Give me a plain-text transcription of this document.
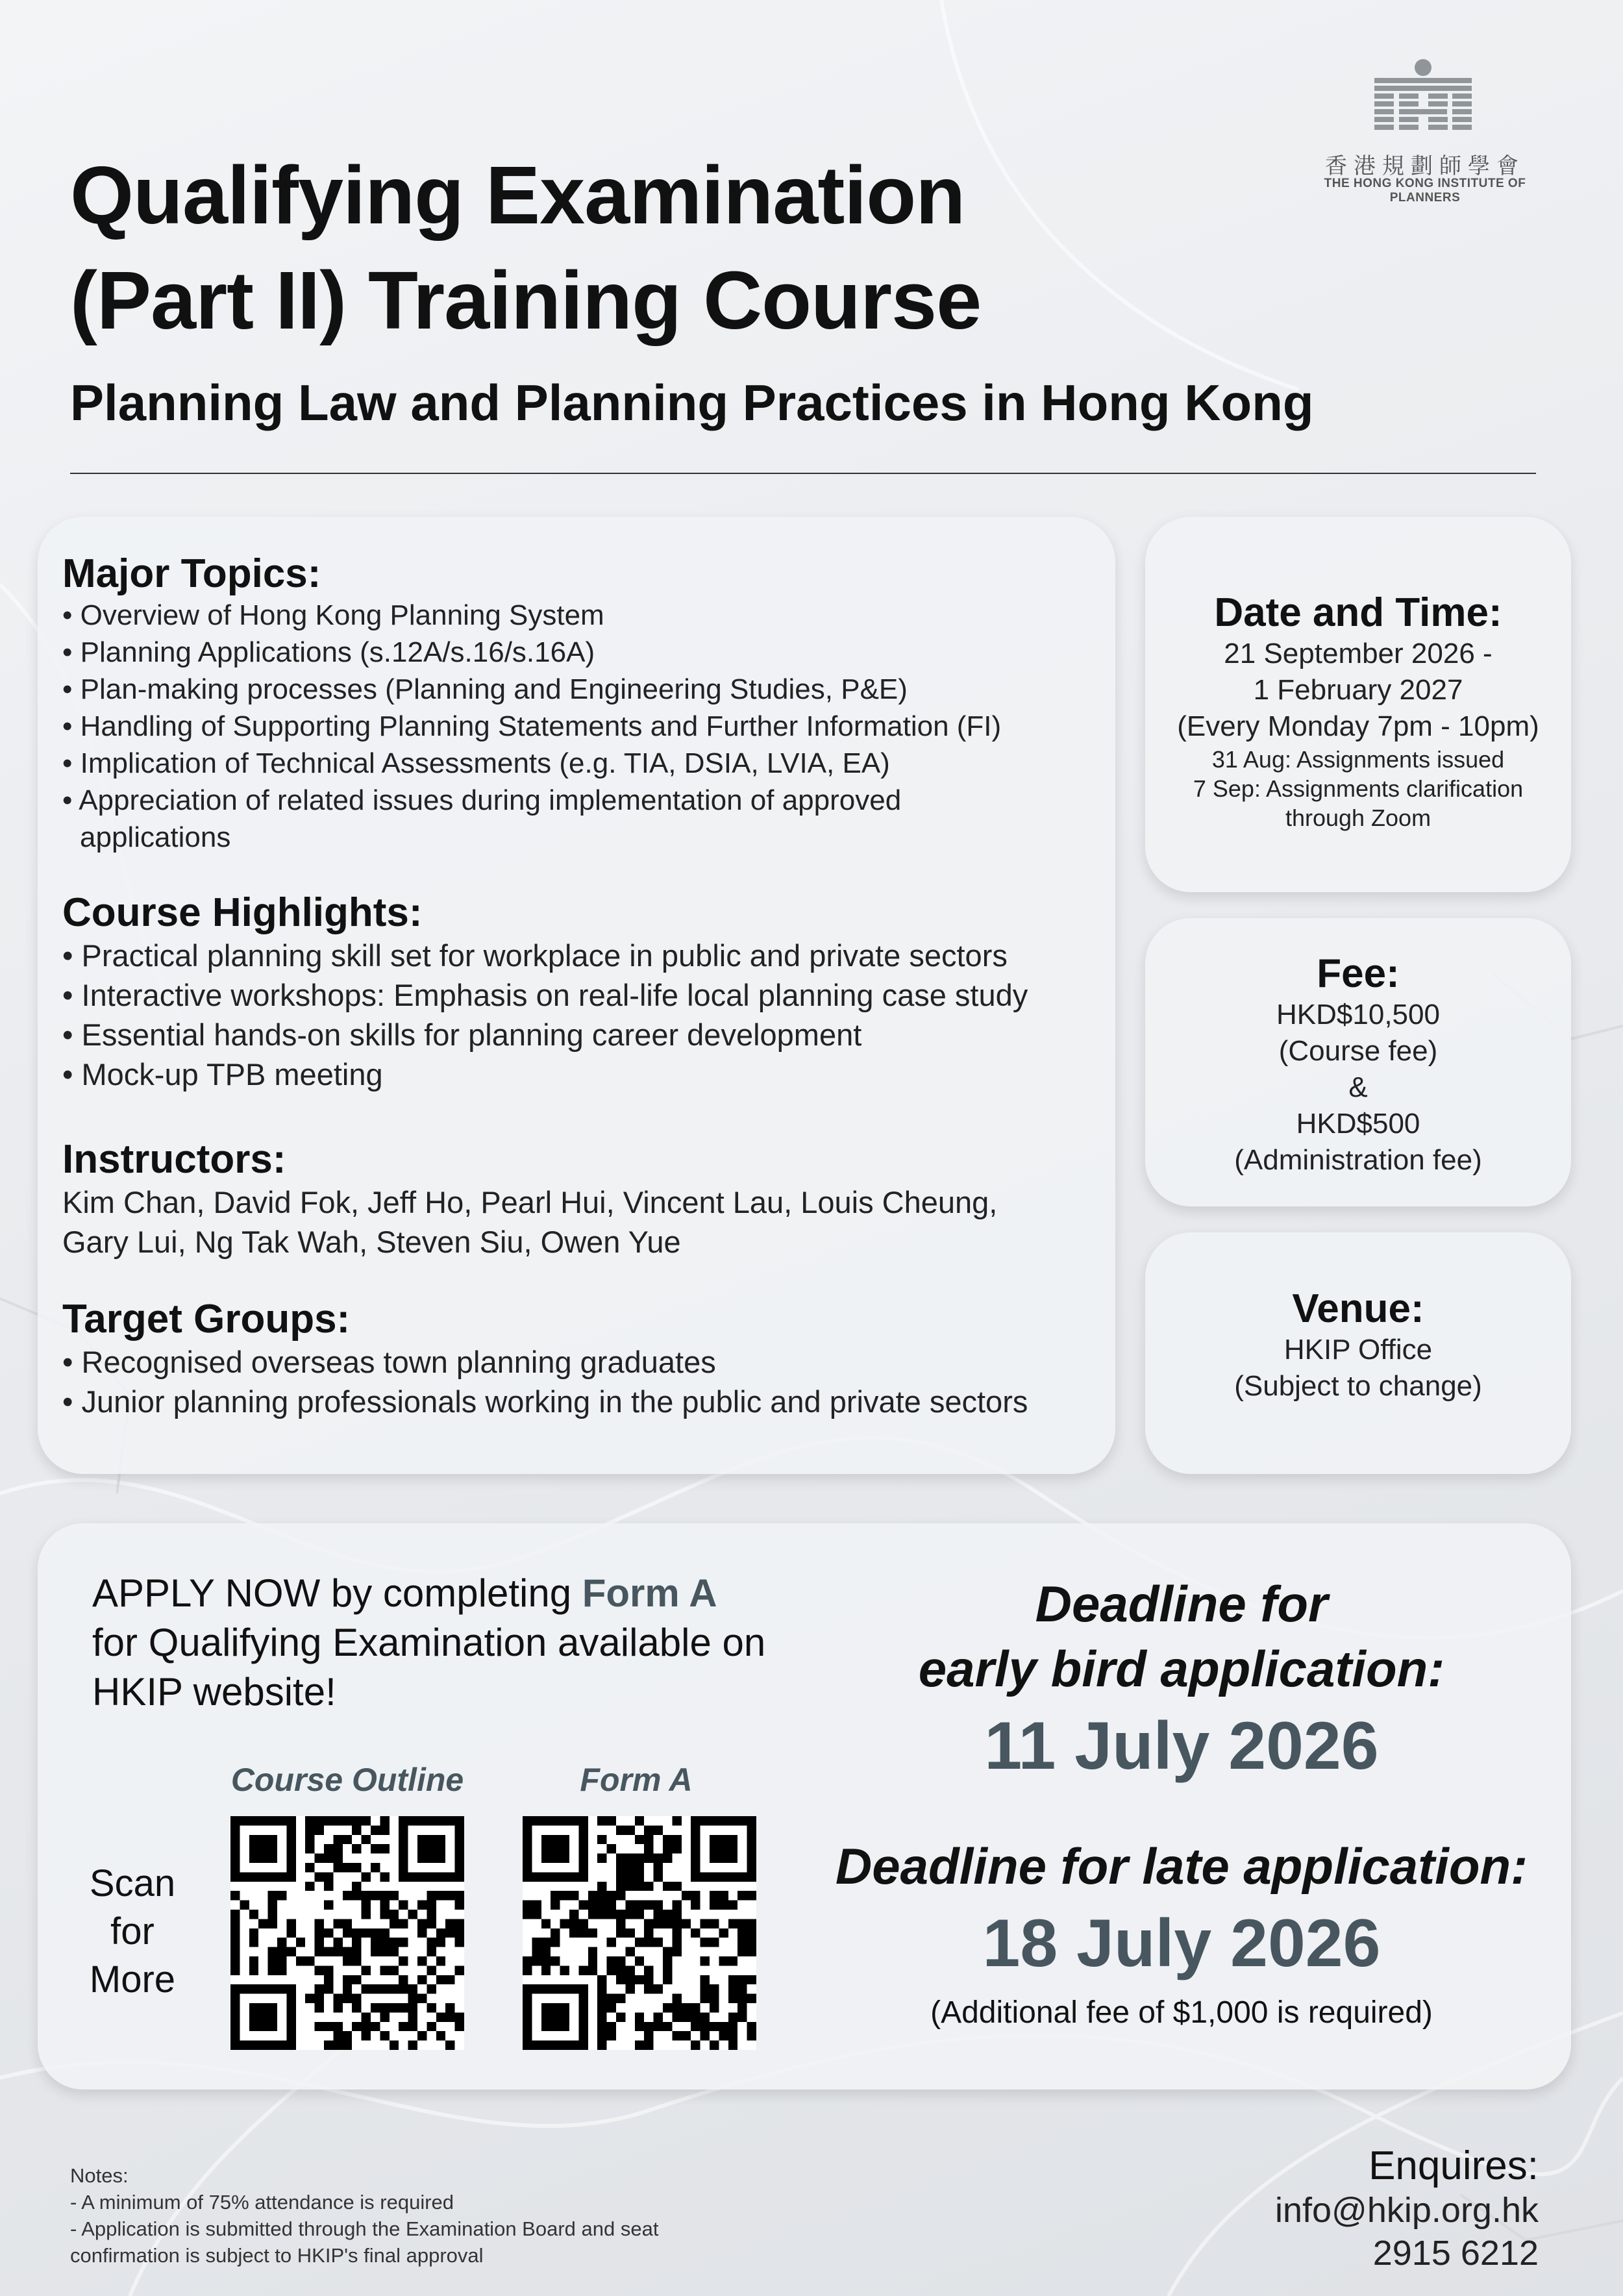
香港規劃師學會
THE HONG KONG INSTITUTE OF PLANNERS
Qualifying Examination
(Part II) Training Course
Planning Law and Planning Practices in Hong Kong

Major Topics:

• Overview of Hong Kong Planning System
• Planning Applications (s.12A/s.16/s.16A)
• Plan-making processes (Planning and Engineering Studies, P&E)
• Handling of Supporting Planning Statements and Further Information (FI)
• Implication of Technical Assessments (e.g. TIA, DSIA, LVIA, EA)
• Appreciation of related issues during implementation of approved applications

Course Highlights:

• Practical planning skill set for workplace in public and private sectors
• Interactive workshops: Emphasis on real-life local planning case study
• Essential hands-on skills for planning career development
• Mock-up TPB meeting

Instructors:

Kim Chan, David Fok, Jeff Ho, Pearl Hui, Vincent Lau, Louis Cheung, Gary Lui, Ng Tak Wah, Steven Siu, Owen Yue

Target Groups:

• Recognised overseas town planning graduates
• Junior planning professionals working in the public and private sectors
Date and Time:
21 September 2026 -
1 February 2027
(Every Monday 7pm - 10pm)
31 Aug: Assignments issued
7 Sep: Assignments clarification
through Zoom
Fee:
HKD$10,500
(Course fee)
&
HKD$500
(Administration fee)
Venue:
HKIP Office
(Subject to change)
APPLY NOW by completing Form A for Qualifying Examination available on HKIP website!
Course Outline	Form A
Scan
for
More
Deadline for
early bird application:
11 July 2026
Deadline for late application:
18 July 2026
(Additional fee of $1,000 is required)
Notes:
- A minimum of 75% attendance is required
- Application is submitted through the Examination Board and seat confirmation is subject to HKIP's final approval
Enquires:
info@hkip.org.hk
2915 6212
